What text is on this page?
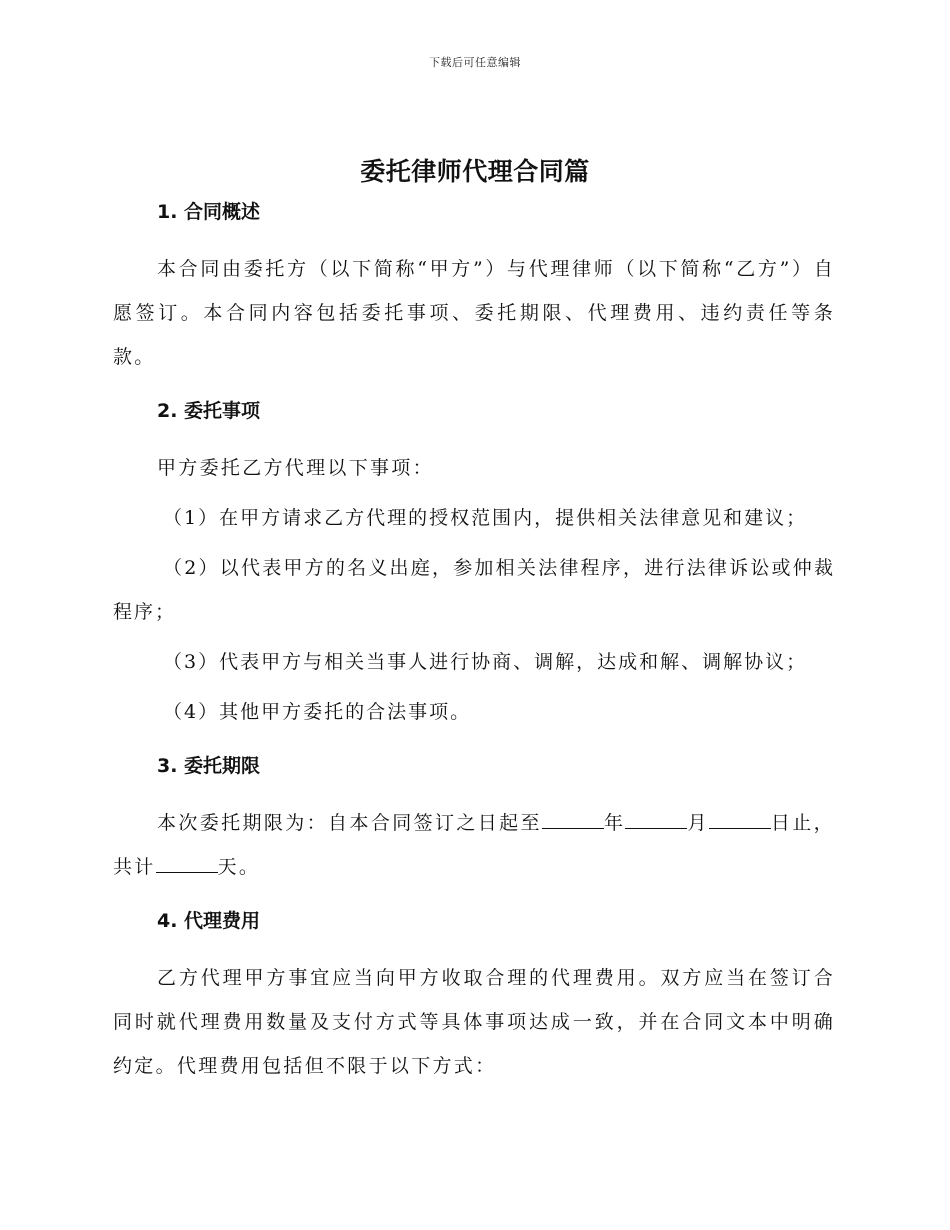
下载后可任意编辑
委托律师代理合同篇
1. 合同概述

本合同由委托方（以下简称“甲方”）与代理律师（以下简称“乙方”）自愿签订。本合同内容包括委托事项、委托期限、代理费用、违约责任等条款。

2. 委托事项

甲方委托乙方代理以下事项：

（1）在甲方请求乙方代理的授权范围内，提供相关法律意见和建议；

（2）以代表甲方的名义出庭，参加相关法律程序，进行法律诉讼或仲裁程序；

（3）代表甲方与相关当事人进行协商、调解，达成和解、调解协议；

（4）其他甲方委托的合法事项。

3. 委托期限

本次委托期限为：自本合同签订之日起至	年	月	日止，共计	天。

4. 代理费用

乙方代理甲方事宜应当向甲方收取合理的代理费用。双方应当在签订合同时就代理费用数量及支付方式等具体事项达成一致，并在合同文本中明确约定。代理费用包括但不限于以下方式：
